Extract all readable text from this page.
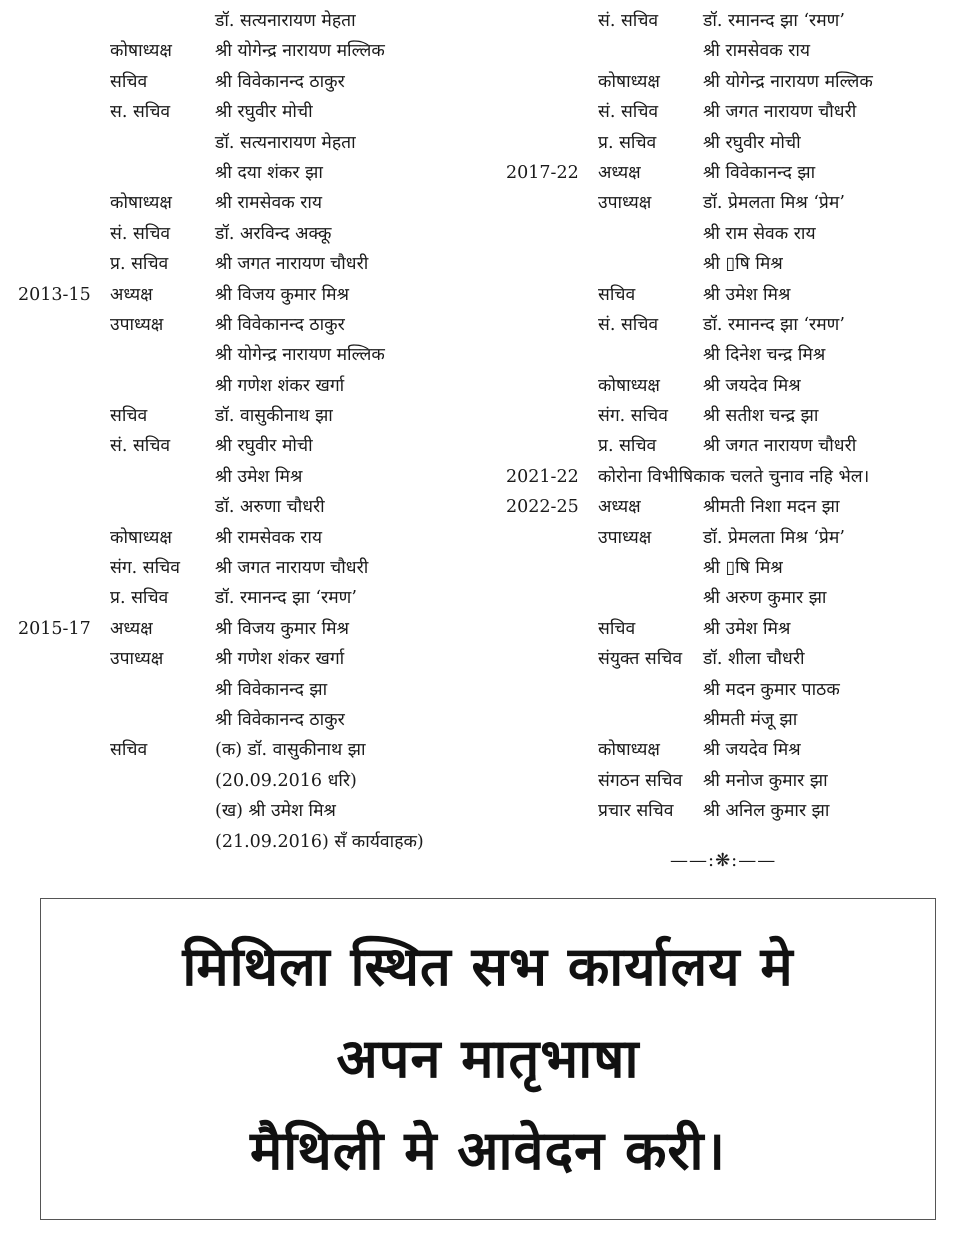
डॉ. सत्यनारायण मेहता
कोषाध्यक्ष श्री योगेन्द्र नारायण मल्लिक
सचिव	श्री विवेकानन्द ठाकुर
स. सचिव	श्री रघुवीर मोची
डॉ. सत्यनारायण मेहता
श्री दया शंकर झा
कोषाध्यक्ष श्री रामसेवक राय
सं. सचिव	डॉ. अरविन्द अक्कू
प्र. सचिव	श्री जगत नारायण चौधरी
2013-15 अध्यक्ष	श्री विजय कुमार मिश्र
उपाध्यक्ष	श्री विवेकानन्द ठाकुर
श्री योगेन्द्र नारायण मल्लिक
श्री गणेश शंकर खर्गा
सचिव	डॉ. वासुकीनाथ झा
सं. सचिव	श्री रघुवीर मोची
श्री उमेश मिश्र
डॉ. अरुणा चौधरी
कोषाध्यक्ष श्री रामसेवक राय
संग. सचिव श्री जगत नारायण चौधरी
प्र. सचिव	डॉ. रमानन्द झा ‘रमण’
2015-17 अध्यक्ष	श्री विजय कुमार मिश्र
उपाध्यक्ष	श्री गणेश शंकर खर्गा
श्री विवेकानन्द झा
श्री विवेकानन्द ठाकुर
सचिव	(क) डॉ. वासुकीनाथ झा
(20.09.2016 धरि)
(ख) श्री उमेश मिश्र
(21.09.2016) सँ कार्यवाहक)
सं. सचिव	डॉ. रमानन्द झा ‘रमण’
श्री रामसेवक राय
कोषाध्यक्ष श्री योगेन्द्र नारायण मल्लिक
सं. सचिव	श्री जगत नारायण चौधरी
प्र. सचिव	श्री रघुवीर मोची
2017-22 अध्यक्ष	श्री विवेकानन्द झा
उपाध्यक्ष	डॉ. प्रेमलता मिश्र ‘प्रेम’
श्री राम सेवक राय
श्री ▯षि मिश्र
सचिव	श्री उमेश मिश्र
सं. सचिव	डॉ. रमानन्द झा ‘रमण’
श्री दिनेश चन्द्र मिश्र
कोषाध्यक्ष श्री जयदेव मिश्र
संग. सचिव श्री सतीश चन्द्र झा
प्र. सचिव	श्री जगत नारायण चौधरी
2021-22 कोरोना विभीषिकाक चलते चुनाव नहि भेल।
2022-25 अध्यक्ष	श्रीमती निशा मदन झा
उपाध्यक्ष	डॉ. प्रेमलता मिश्र ‘प्रेम’
श्री ▯षि मिश्र
श्री अरुण कुमार झा
सचिव	श्री उमेश मिश्र
संयुक्त सचिव डॉ. शीला चौधरी
श्री मदन कुमार पाठक
श्रीमती मंजू झा
कोषाध्यक्ष श्री जयदेव मिश्र
संगठन सचिव श्री मनोज कुमार झा
प्रचार सचिव श्री अनिल कुमार झा
——:❋:——
मिथिला स्थित सभ कार्यालय मे
अपन मातृभाषा
मैथिली मे आवेदन करी।
